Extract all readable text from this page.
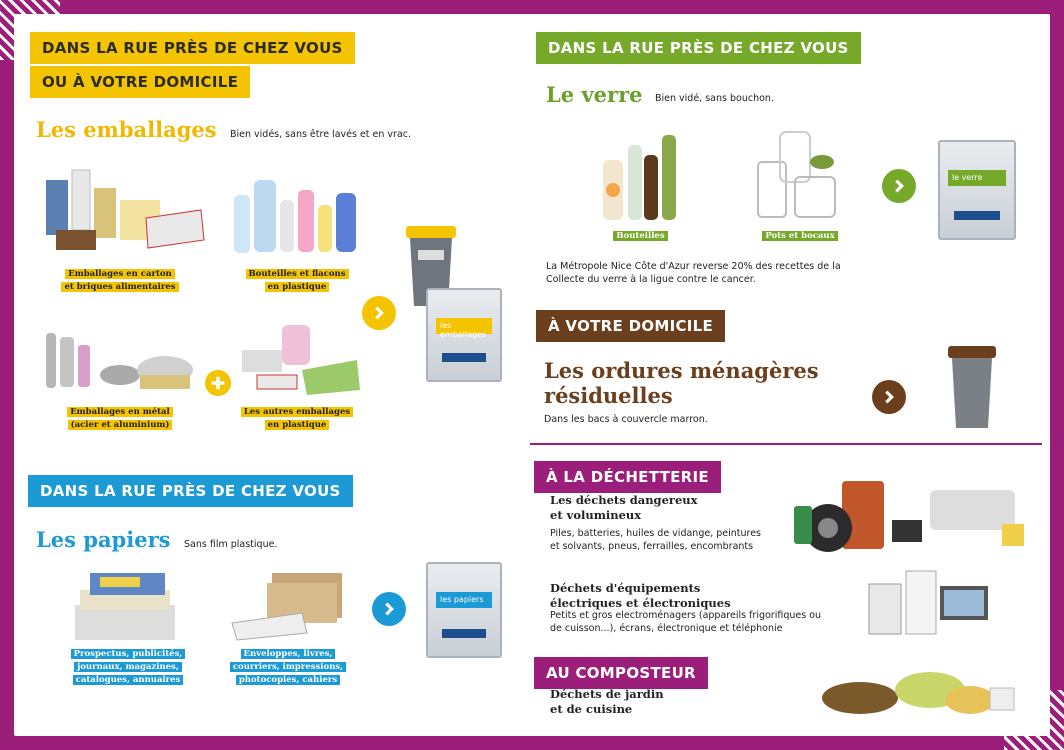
DANS LA RUE PRÈS DE CHEZ VOUS
OU À VOTRE DOMICILE
Les emballages Bien vidés, sans être lavés et en vrac.
Emballages en carton
et briques alimentaires
Bouteilles et flacons
en plastique
Emballages en métal
(acier et aluminium)
Les autres emballages
en plastique
les emballages
DANS LA RUE PRÈS DE CHEZ VOUS
Les papiers Sans film plastique.
Prospectus, publicités,
journaux, magazines,
catalogues, annuaires
Enveloppes, livres,
courriers, impressions,
photocopies, cahiers
les papiers
DANS LA RUE PRÈS DE CHEZ VOUS
Le verre Bien vidé, sans bouchon.
Bouteilles	Pots et bocaux
le verre
La Métropole Nice Côte d'Azur reverse 20% des recettes de la
Collecte du verre à la ligue contre le cancer.
À VOTRE DOMICILE
Les ordures ménagères
résiduelles
Dans les bacs à couvercle marron.
À LA DÉCHETTERIE
Les déchets dangereux
et volumineux
Piles, batteries, huiles de vidange, peintures
et solvants, pneus, ferrailles, encombrants
Déchets d'équipements
électriques et électroniques
Petits et gros electroménagers (appareils frigorifiques ou
de cuisson...), écrans, électronique et téléphonie
AU COMPOSTEUR
Déchets de jardin
et de cuisine
